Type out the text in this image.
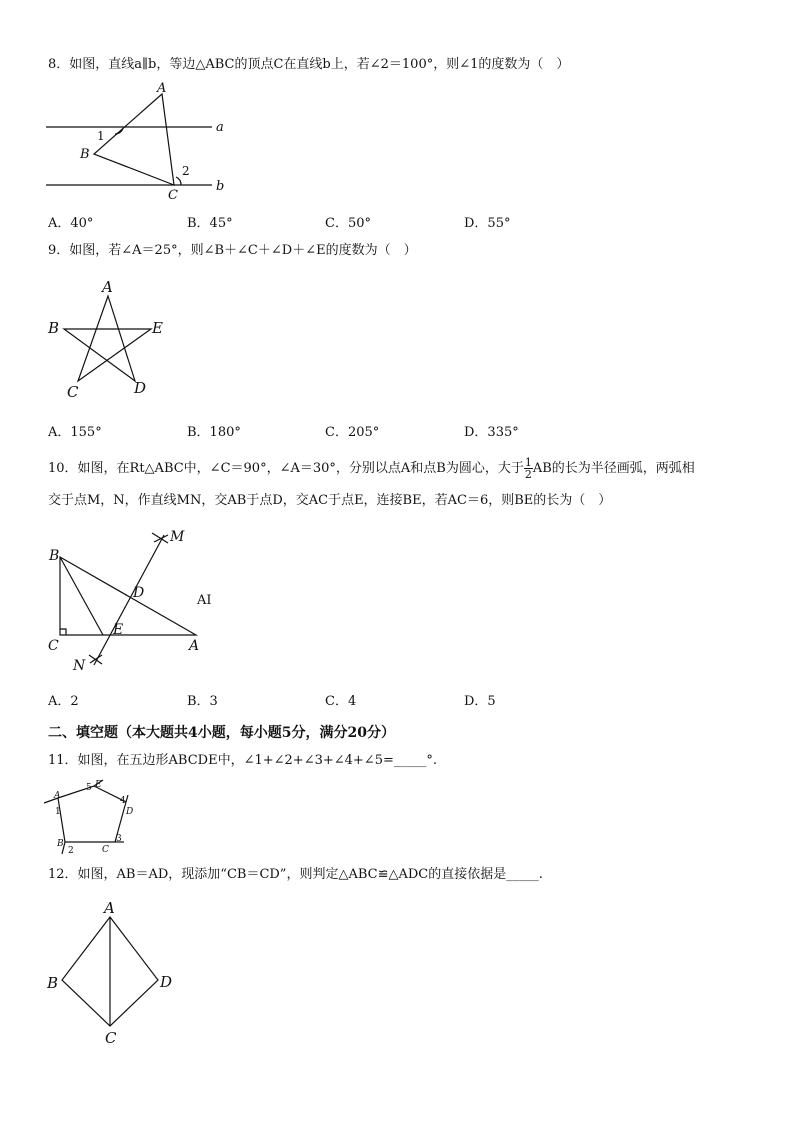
8．如图，直线a∥b，等边△ABC的顶点C在直线b上，若∠2＝100°，则∠1的度数为（　）
A
B
C
a
b
1
2
A．40°	B．45°	C．50°	D．55°
9．如图，若∠A＝25°，则∠B＋∠C＋∠D＋∠E的度数为（　）
A
B	E
C	D
A．155°	B．180°	C．205°	D．335°
10．如图，在Rt△ABC中，∠C＝90°，∠A＝30°，分别以点A和点B为圆心，大于 $\frac{1}{2}$ AB的长为半径画弧，两弧相
交于点M，N，作直线MN，交AB于点D，交AC于点E，连接BE，若AC＝6，则BE的长为（　）
B
C	A
D
E
M
N
AI
A．2	B．3	C．4	D．5
二、填空题（本大题共4小题，每小题5分，满分20分）
11．如图，在五边形ABCDE中，∠1+∠2+∠3+∠4+∠5=_____°.
A
E
D
C
B
1
2
3
4
5
12．如图，AB＝AD，现添加“CB＝CD”，则判定△ABC≌△ADC的直接依据是_____.
A
B	D
C
